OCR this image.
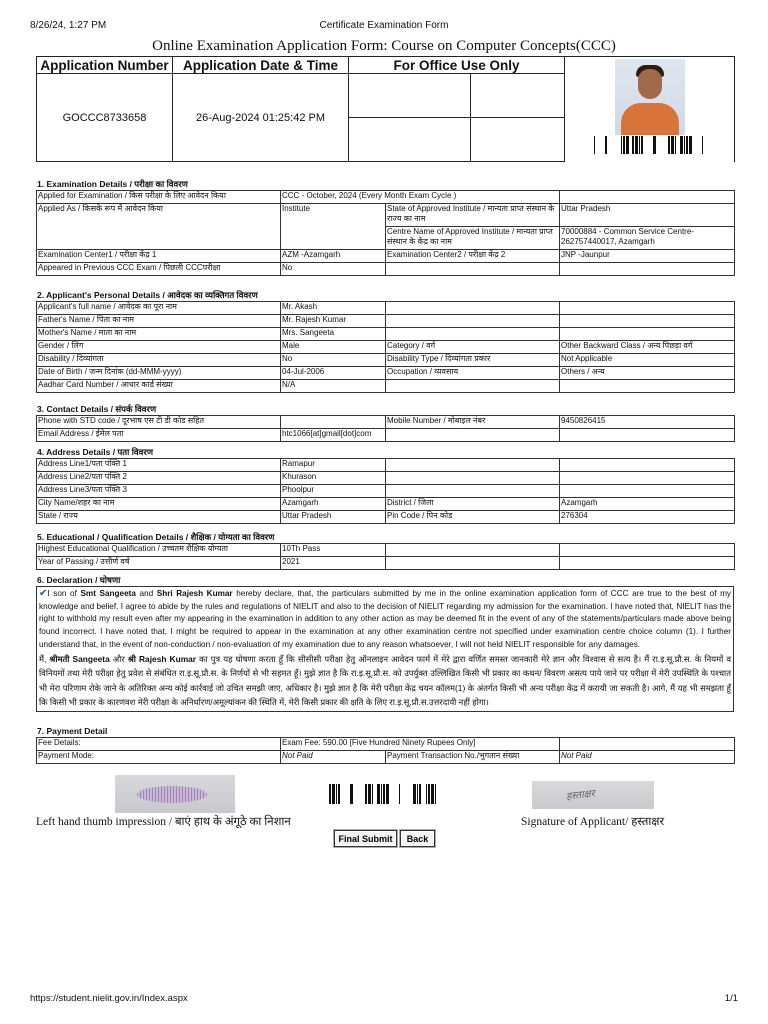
8/26/24, 1:27 PM	Certificate Examination Form
Online Examination Application Form: Course on Computer Concepts(CCC)
Application Number	Application Date & Time	For Office Use Only	

GOCCC8733658	26-Aug-2024 01:25:42 PM			

1. Examination Details / परीक्षा का विवरण
Applied for Examination / किस परीक्षा के लिए आवेदन किया	CCC - October, 2024 (Every Month Exam Cycle )		
Applied As / किसके रूप में आवेदन किया	Institute	State of Approved Institute / मान्यता प्राप्त संस्थान के राज्य का नाम	Uttar Pradesh
		Centre Name of Approved Institute / मान्यता प्राप्त संस्थान के केंद्र का नाम	70000884 - Common Service Centre-262757440017, Azamgarh
Examination Center1 / परीक्षा केंद्र 1	AZM -Azamgarh	Examination Center2 / परीक्षा केंद्र 2	JNP -Jaunpur
Appeared in Previous CCC Exam / पिछली CCCपरीक्षा	No		
2. Applicant's Personal Details / आवेदक का व्यक्तिगत विवरण
Applicant's full name / आवेदक का पूरा नाम	Mr. Akash		
Father's Name / पिता का नाम	Mr. Rajesh Kumar		
Mother's Name / माता का नाम	Mrs. Sangeeta		
Gender / लिंग	Male	Category / वर्ग	Other Backward Class / अन्य पिछड़ा वर्ग
Disability / दिव्यांगता	No	Disability Type / दिव्यांगता प्रकार	Not Applicable
Date of Birth / जन्म दिनांक (dd-MMM-yyyy)	04-Jul-2006	Occupation / व्यवसाय	Others / अन्य
Aadhar Card Number / आधार कार्ड संख्या	N/A		
3. Contact Details / संपर्क विवरण
Phone with STD code / दूरभाष एस टी डी कोड सहित		Mobile Number / मोबाइल नंबर	9450826415
Email Address / ईमेल पता	htc1066[at]gmail[dot]com		
4. Address Details / पता विवरण
Address Line1/पता पंक्ति 1	Ramapur		
Address Line2/पता पंक्ति 2	Khurason		
Address Line3/पता पंक्ति 3	Phoolpur		
City Name/शहर का नाम	Azamgarh	District / जिला	Azamgarh
State / राज्य	Uttar Pradesh	Pin Code / पिन कोड	276304
5. Educational / Qualification Details / शैक्षिक / योग्यता का विवरण
Highest Educational Qualification / उच्चतम शैक्षिक योग्यता	10Th Pass		
Year of Passing / उत्तीर्ण वर्ष	2021		
6. Declaration / घोषणा

✔I son of Smt Sangeeta and Shri Rajesh Kumar hereby declare, that, the particulars submitted by me in the online examination application form of CCC are true to the best of my knowledge and belief. I agree to abide by the rules and regulations of NIELIT and also to the decision of NIELIT regarding my admission for the examination. I have noted that, NIELIT has the right to withhold my result even after my appearing in the examination in addition to any other action as may be deemed fit in the event of any of the statements/particulars made above being found incorrect. I have noted that, I might be required to appear in the examination at any other examination centre not specified under examination centre choice column (1). I further understand that, in the event of non-conduction / non-evaluation of my examination due to any reason whatsoever, I will not held NIELIT responsible for any damages.

मैं, श्रीमती Sangeeta और श्री Rajesh Kumar का पुत्र यह घोषणा करता हूँ कि सीसीसी परीक्षा हेतु ऑनलाइन आवेदन फार्म में मेरे द्वारा वर्णित समस्त जानकारी मेरे ज्ञान और विश्वास से सत्य है। मैं रा.इ.सू.प्रौ.स. के नियमों व विनियमों तथा मेरी परीक्षा हेतु प्रवेश से संबंधित रा.इ.सू.प्रौ.स. के निर्णयों से भी सहमत हूँ। मुझे ज्ञात है कि रा.इ.सू.प्रौ.स. को उपर्युक्त उल्लिखित किसी भी प्रकार का कथन/ विवरण असत्य पाये जाने पर परीक्षा में मेरी उपस्थिति के पश्चात भी मेरा परिणाम रोके जाने के अतिरिक्त अन्य कोई कार्रवाई जो उचित समझी जाए, अधिकार है। मुझे ज्ञात है कि मेरी परीक्षा केंद्र चयन कॉलम(1) के अंतर्गत किसी भी अन्य परीक्षा केंद्र में करायी जा सकती है। आगे, मैं यह भी समझता हूँ कि किसी भी प्रकार के कारणवश मेरी परीक्षा के अनिर्धारण/अमूल्यांकन की स्थिति में, मेरी किसी प्रकार की क्षति के लिए रा.इ.सू.प्रौ.स.उत्तरदायी नहीं होगा।

7. Payment Detail
Fee Details:	Exam Fee: 590.00 [Five Hundred Ninety Rupees Only]		
Payment Mode:	Not Paid	Payment Transaction No./भुगतान संख्या	Not Paid
हस्ताक्षर
Left hand thumb impression / बाएं हाथ के अंगूठे का निशान	Signature of Applicant/ हस्ताक्षर
Final Submit	Back
https://student.nielit.gov.in/Index.aspx	1/1
